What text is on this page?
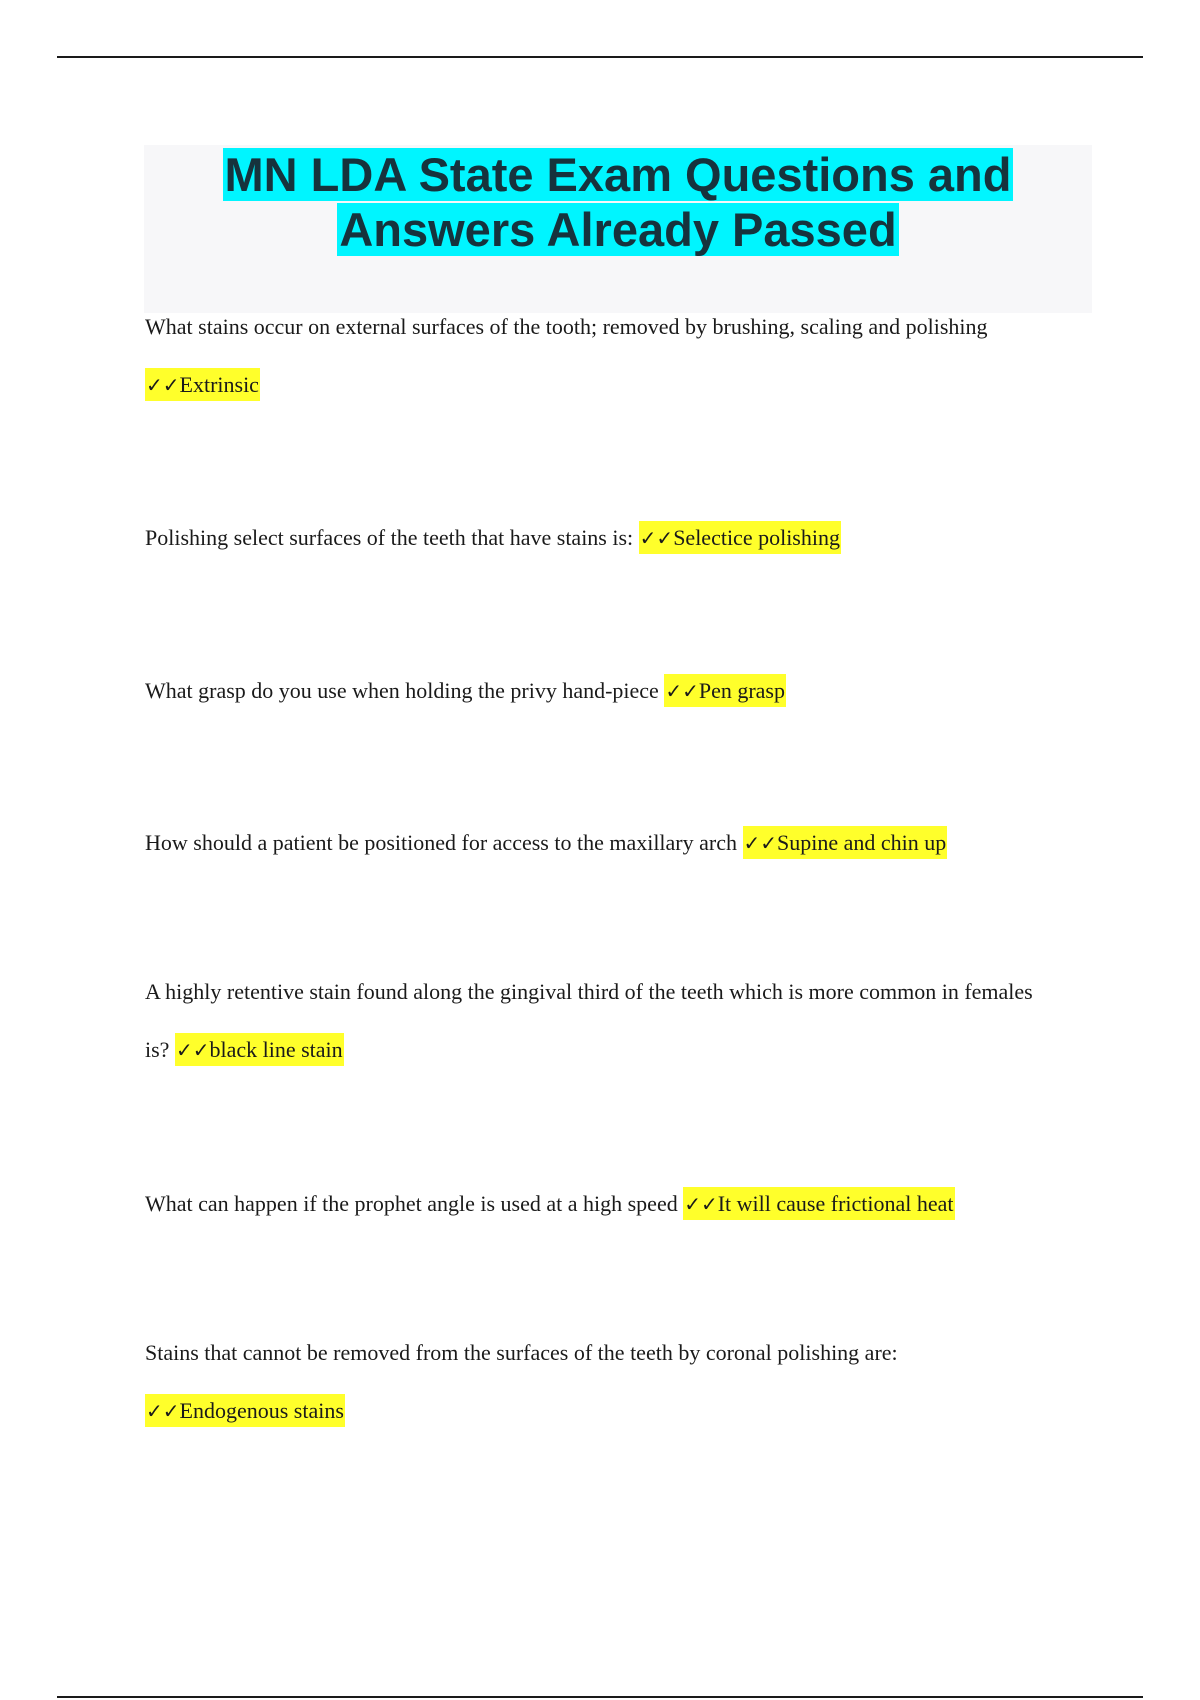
MN LDA State Exam Questions and
Answers Already Passed
What stains occur on external surfaces of the tooth; removed by brushing, scaling and polishing
✓✓Extrinsic
Polishing select surfaces of the teeth that have stains is: ✓✓Selectice polishing
What grasp do you use when holding the privy hand-piece ✓✓Pen grasp
How should a patient be positioned for access to the maxillary arch ✓✓Supine and chin up
A highly retentive stain found along the gingival third of the teeth which is more common in females is? ✓✓black line stain
What can happen if the prophet angle is used at a high speed ✓✓It will cause frictional heat
Stains that cannot be removed from the surfaces of the teeth by coronal polishing are:
✓✓Endogenous stains
